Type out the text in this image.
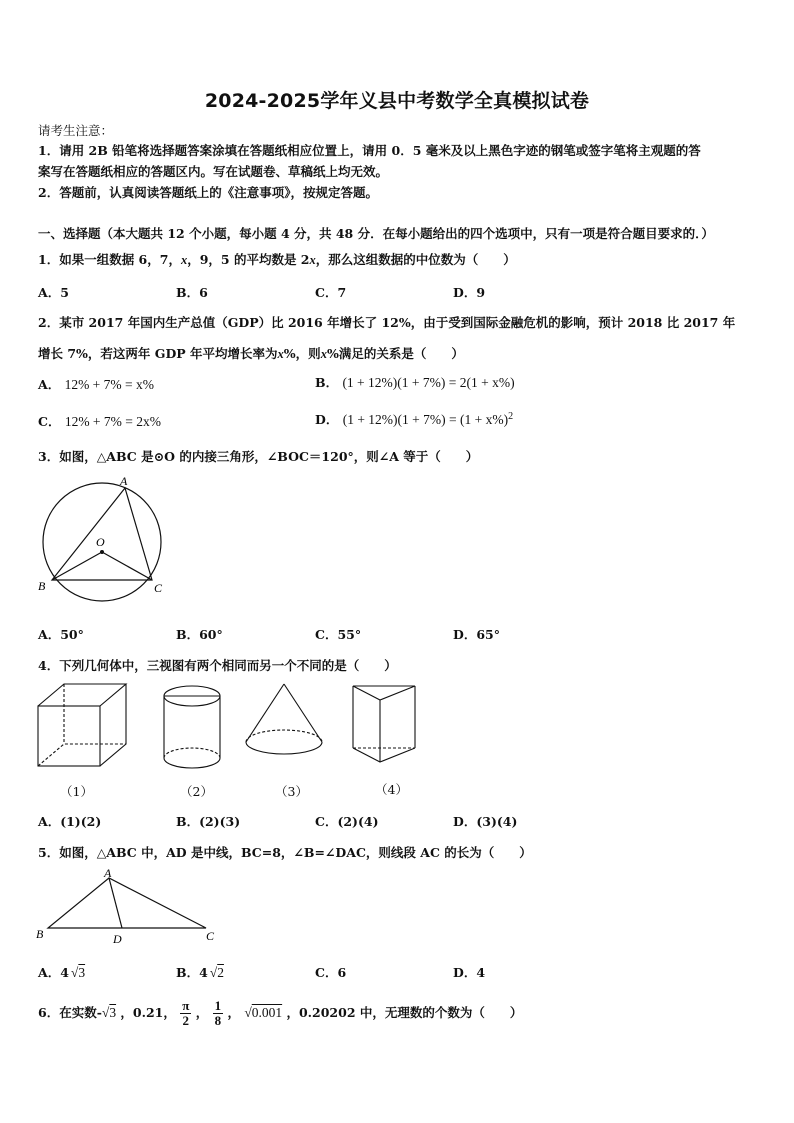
2024-2025学年义县中考数学全真模拟试卷
请考生注意：
1．请用 2B 铅笔将选择题答案涂填在答题纸相应位置上，请用 0．5 毫米及以上黑色字迹的钢笔或签字笔将主观题的答
案写在答题纸相应的答题区内。写在试题卷、草稿纸上均无效。
2．答题前，认真阅读答题纸上的《注意事项》，按规定答题。
一、选择题（本大题共 12 个小题，每小题 4 分，共 48 分．在每小题给出的四个选项中，只有一项是符合题目要求的．）
1．如果一组数据 6，7，x，9，5 的平均数是 2x，那么这组数据的中位数为（　　）
A．5	B．6	C．7	D．9
2．某市 2017 年国内生产总值（GDP）比 2016 年增长了 12%，由于受到国际金融危机的影响，预计 2018 比 2017 年
增长 7%，若这两年 GDP 年平均增长率为x%，则x%满足的关系是（　　）
A． 12% + 7% = x%	B． (1 + 12%)(1 + 7%) = 2(1 + x%)
C． 12% + 7% = 2x%	D． $(1 + 12\%)(1 + 7\%) = (1 + x\%)^2$
3．如图，△ABC 是⊙O 的内接三角形，∠BOC＝120°，则∠A 等于（　　）
A
B	C
O
A．50°	B．60°	C．55°	D．65°
4．下列几何体中，三视图有两个相同而另一个不同的是（　　）
（1）	（2）	（3）	（4）
A．(1)(2)	B．(2)(3)	C．(2)(4)	D．(3)(4)
5．如图，△ABC 中，AD 是中线，BC=8，∠B=∠DAC，则线段 AC 的长为（　　）
A
B	C
D
A．4 √3	B．4 √2	C．6	D．4
6．在实数-√3 ，0.21， $\frac{\pi}{2}$ ， $\frac{1}{8}$ ， √0.001 ，0.20202 中，无理数的个数为（　　）
